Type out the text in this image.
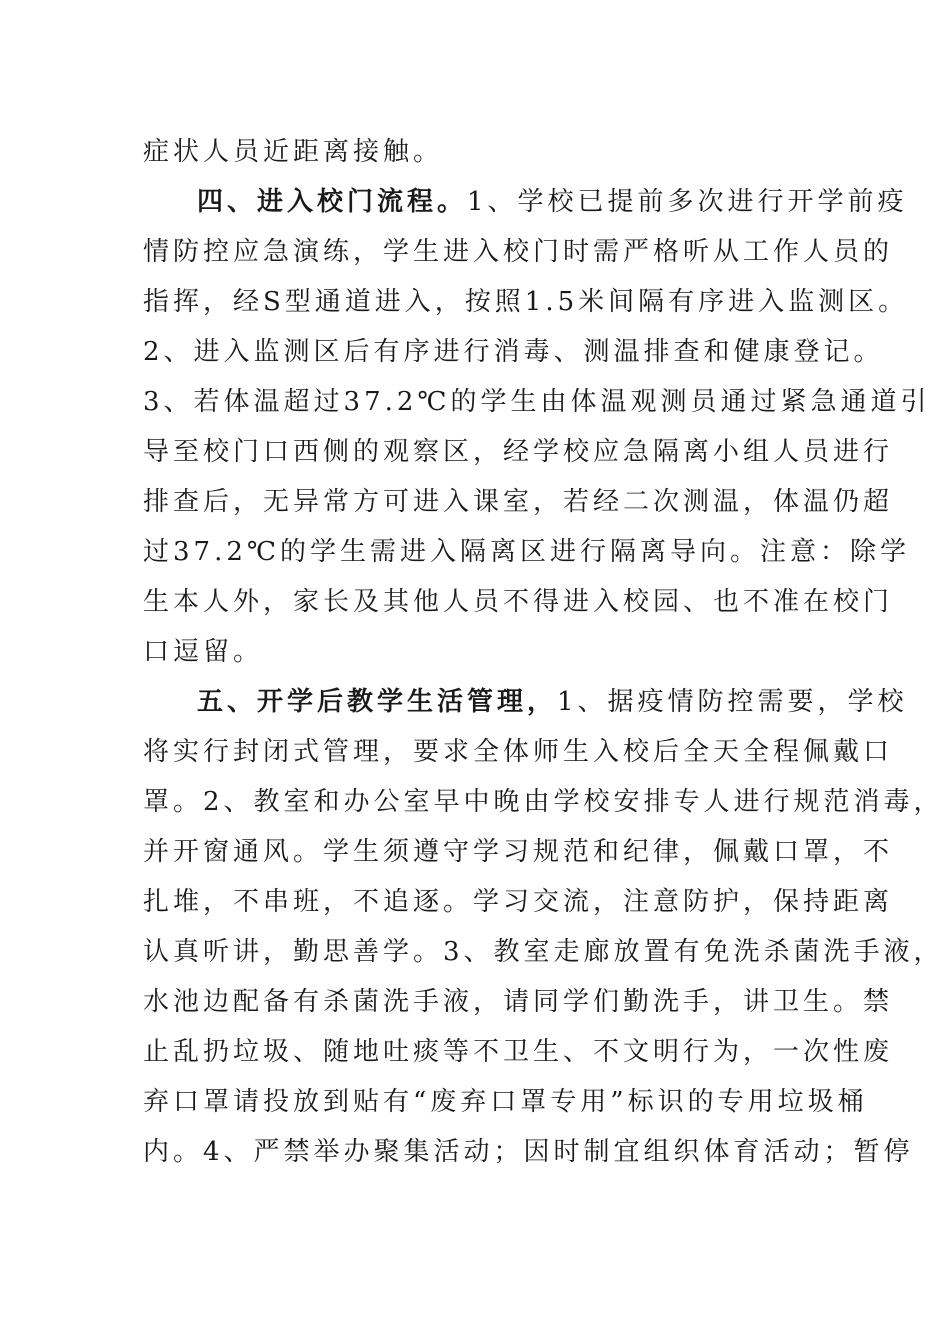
症状人员近距离接触。
四、进入校门流程。1、学校已提前多次进行开学前疫
情防控应急演练，学生进入校门时需严格听从工作人员的
指挥，经S型通道进入，按照1.5米间隔有序进入监测区。
2、进入监测区后有序进行消毒、测温排查和健康登记。
3、若体温超过37.2℃的学生由体温观测员通过紧急通道引
导至校门口西侧的观察区，经学校应急隔离小组人员进行
排查后，无异常方可进入课室，若经二次测温，体温仍超
过37.2℃的学生需进入隔离区进行隔离导向。注意：除学
生本人外，家长及其他人员不得进入校园、也不准在校门
口逗留。
五、开学后教学生活管理，1、据疫情防控需要，学校
将实行封闭式管理，要求全体师生入校后全天全程佩戴口
罩。2、教室和办公室早中晚由学校安排专人进行规范消毒，
并开窗通风。学生须遵守学习规范和纪律，佩戴口罩，不
扎堆，不串班，不追逐。学习交流，注意防护，保持距离
认真听讲，勤思善学。3、教室走廊放置有免洗杀菌洗手液，
水池边配备有杀菌洗手液，请同学们勤洗手，讲卫生。禁
止乱扔垃圾、随地吐痰等不卫生、不文明行为，一次性废
弃口罩请投放到贴有“废弃口罩专用”标识的专用垃圾桶
内。4、严禁举办聚集活动；因时制宜组织体育活动；暂停
